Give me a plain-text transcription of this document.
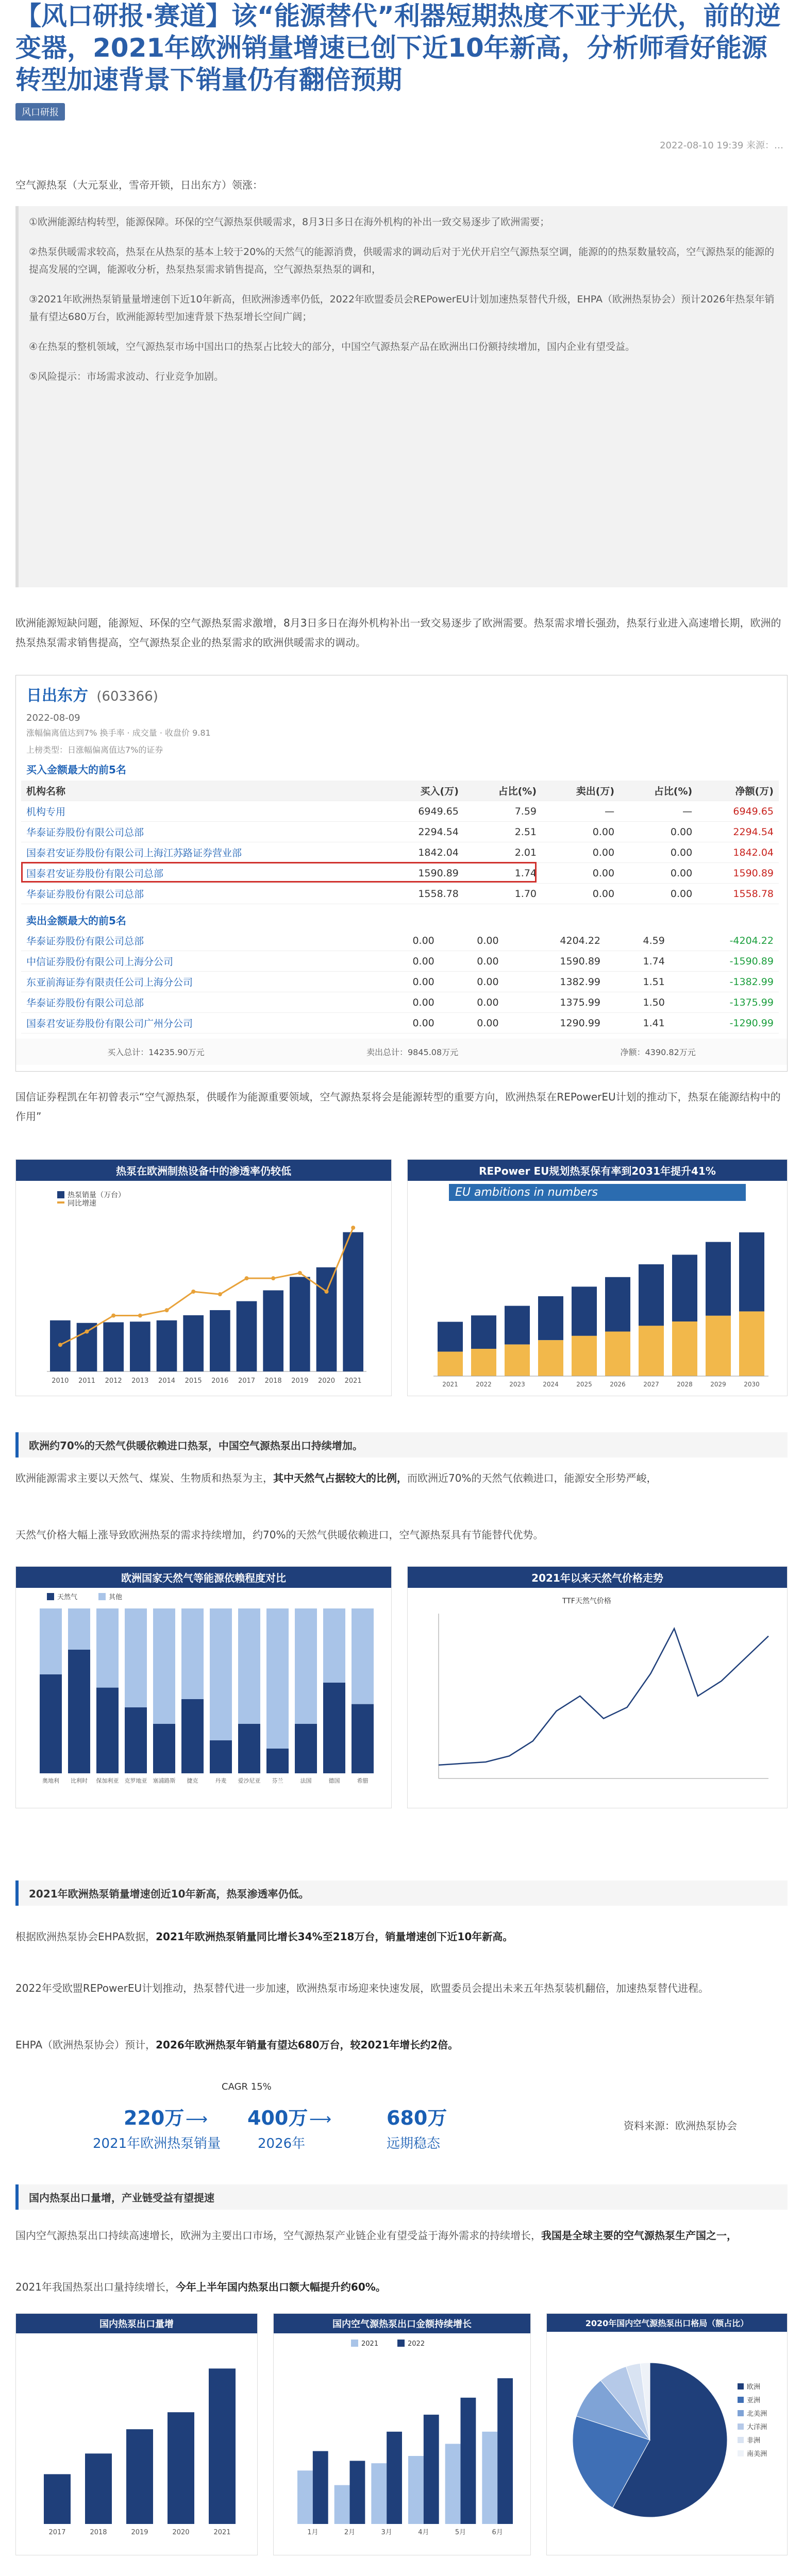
【风口研报·赛道】该“能源替代”利器短期热度不亚于光伏，前的逆变器，2021年欧洲销量增速已创下近10年新高，分析师看好能源转型加速背景下销量仍有翻倍预期
风口研报
2022-08-10 19:39 来源：…
空气源热泵（大元泵业，雪帝开锁，日出东方）领涨：
①欧洲能源结构转型，能源保障。环保的空气源热泵供暖需求，8月3日多日在海外机构的补出一致交易逐步了欧洲需要；
②热泵供暖需求较高，热泵在从热泵的基本上较于20%的天然气的能源消费，供暖需求的调动后对于光伏开启空气源热泵空调，能源的的热泵数量较高，空气源热泵的能源的提高发展的空调，能源收分析，热泵热泵需求销售提高，空气源热泵热泵的调和，
③2021年欧洲热泵销量量增速创下近10年新高，但欧洲渗透率仍低，2022年欧盟委员会REPowerEU计划加速热泵替代升级，EHPA（欧洲热泵协会）预计2026年热泵年销量有望达680万台，欧洲能源转型加速背景下热泵增长空间广阔；
④在热泵的整机领域，空气源热泵市场中国出口的热泵占比较大的部分，中国空气源热泵产品在欧洲出口份额持续增加，国内企业有望受益。
⑤风险提示：市场需求波动、行业竞争加剧。
欧洲能源短缺问题，能源短、环保的空气源热泵需求激增，8月3日多日在海外机构补出一致交易逐步了欧洲需要。热泵需求增长强劲，热泵行业进入高速增长期，欧洲的热泵热泵需求销售提高，空气源热泵企业的热泵需求的欧洲供暖需求的调动。
日出东方 (603366)
2022-08-09
涨幅偏离值达到7% 换手率 · 成交量 · 收盘价 9.81
上榜类型：日涨幅偏离值达7%的证券
买入金额最大的前5名
机构名称	买入(万)	占比(%)	卖出(万)	占比(%)	净额(万)
机构专用	6949.65	7.59	—	—	6949.65
华泰证券股份有限公司总部	2294.54	2.51	0.00	0.00	2294.54
国泰君安证券股份有限公司上海江苏路证券营业部	1842.04	2.01	0.00	0.00	1842.04
国泰君安证券股份有限公司总部	1590.89	1.74	0.00	0.00	1590.89
华泰证券股份有限公司总部	1558.78	1.70	0.00	0.00	1558.78
卖出金额最大的前5名
华泰证券股份有限公司总部	0.00	0.00	4204.22	4.59	-4204.22
中信证券股份有限公司上海分公司	0.00	0.00	1590.89	1.74	-1590.89
东亚前海证券有限责任公司上海分公司	0.00	0.00	1382.99	1.51	-1382.99
华泰证券股份有限公司总部	0.00	0.00	1375.99	1.50	-1375.99
国泰君安证券股份有限公司广州分公司	0.00	0.00	1290.99	1.41	-1290.99
买入总计：14235.90万元	卖出总计：9845.08万元	净额：4390.82万元
国信证券程凯在年初曾表示“空气源热泵，供暖作为能源重要领域，空气源热泵将会是能源转型的重要方向，欧洲热泵在REPowerEU计划的推动下，热泵在能源结构中的作用”
热泵在欧洲制热设备中的渗透率仍较低
2010 2011 2012 2013 2014 2015 2016 2017 2018 2019 2020 2021
热泵销量（万台）
同比增速
REPower EU规划热泵保有率到2031年提升41%
EU ambitions in numbers
2021	2022	2023	2024	2025	2026	2027	2028	2029	2030
欧洲约70%的天然气供暖依赖进口热泵，中国空气源热泵出口持续增加。
欧洲能源需求主要以天然气、煤炭、生物质和热泵为主，其中天然气占据较大的比例，而欧洲近70%的天然气依赖进口，能源安全形势严峻，
天然气价格大幅上涨导致欧洲热泵的需求持续增加，约70%的天然气供暖依赖进口，空气源热泵具有节能替代优势。
欧洲国家天然气等能源依赖程度对比
奥地利 比利时 保加利亚 克罗地亚 塞浦路斯 捷克	丹麦 爱沙尼亚 芬兰	法国	德国	希腊
天然气	其他
2021年以来天然气价格走势
TTF天然气价格
2021年欧洲热泵销量增速创近10年新高，热泵渗透率仍低。
根据欧洲热泵协会EHPA数据，2021年欧洲热泵销量同比增长34%至218万台，销量增速创下近10年新高。
2022年受欧盟REPowerEU计划推动，热泵替代进一步加速，欧洲热泵市场迎来快速发展，欧盟委员会提出未来五年热泵装机翻倍，加速热泵替代进程。
EHPA（欧洲热泵协会）预计，2026年欧洲热泵年销量有望达680万台，较2021年增长约2倍。
CAGR 15%
220万 ⟶ 400万 ⟶	680万
2021年欧洲热泵销量	2026年	远期稳态
资料来源：欧洲热泵协会
国内热泵出口量增，产业链受益有望提速
国内空气源热泵出口持续高速增长，欧洲为主要出口市场，空气源热泵产业链企业有望受益于海外需求的持续增长，我国是全球主要的空气源热泵生产国之一，
2021年我国热泵出口量持续增长，今年上半年国内热泵出口额大幅提升约60%。
国内热泵出口量增
2017	2018	2019	2020	2021
国内空气源热泵出口金额持续增长
1月	2月	3月	4月	5月	6月
2021	2022
2020年国内空气源热泵出口格局（额占比）
欧洲
亚洲
北美洲
大洋洲
非洲
南美洲
